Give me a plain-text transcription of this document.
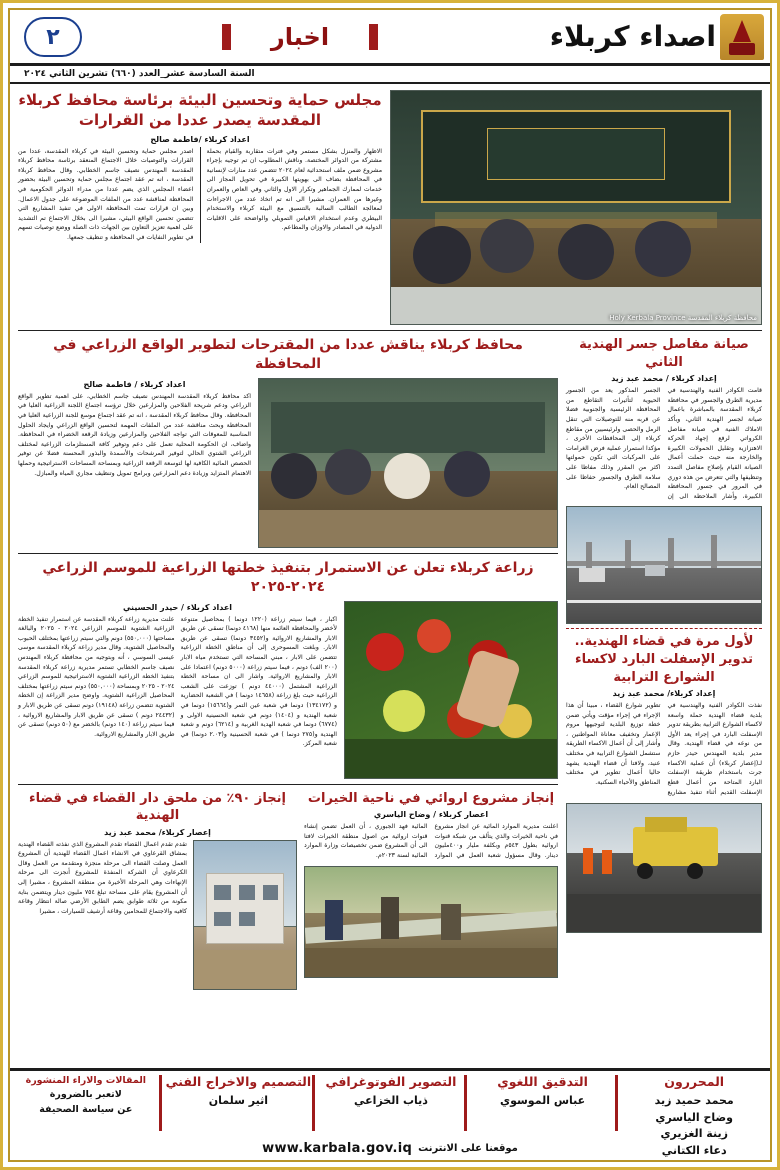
٢	اخبار	اصداء كربلاء
السنة السادسة عشر_العدد (٦٦٠) تشرين الثاني ٢٠٢٤
محافظة كربلاء المقدسة Holy Kerbala Province
مجلس حماية وتحسين البيئة برئاسة محافظ كربلاء المقدسة يصدر عددا من القرارات
اعداد كربلاء /فاطمة صالح
الاظهار والمنزل بشكل مستمر وفي فترات متقاربة والقيام بحملة مشتركة من الدوائر المختصة. وناقش المطلوب ان تم توجيه بإجراء مشروع ضمن ملف استحداثية لعام ٢٠٢٤ تتضمن عدد منارات لإنسانية في المحافظة بضاف الى بهويتها الكبيرة في تحويل المجاز الى خدمات لممارك الجماهير وتكرار الاول والثاني وفي العاص والعمران وغيرها من العمران. مشيرا الى انه تم اتخاذ عدد من الاجراءات لمعالجة الطالب السالبة بالتنسيق مع البيئة كربلاء والاستخدام البيطري وعدم استخدام الاقياس التمويلي والواضحة على الاقليات الدولية في المصادر والاوزان والمطاعم.
اصدر مجلس حماية وتحسين البيئة في كربلاء المقدسة، عددا من القرارات والتوصيات خلال الاجتماع المنعقد برئاسة محافظ كربلاء المقدسة المهندس نصيف جاسم الخطابي. وقال محافظ كربلاء المقدسة ، انه تم عقد اجتماع مجلس حماية وتحسين البيئة بحضور اعضاء المجلس الذي يضم عددا من مدراء الدوائر الحكومية في المحافظة لمناقشة عدد من الملفات الموضوعة على جدول الاعمال. وبين ان قرارات تمت المحافظة الاولى في تنفيذ المشاريع التي تتضمن تحسين الواقع البيئي، مشيرا الى بخلال الاجتماع تم التشديد على اهمية تعزيز التعاون بين الجهات ذات الصلة ووضع توصيات تسهم في تطوير النفايات في المحافظة و تنظيف جمعها.
صيانة مفاصل جسر الهندية الثاني
إعداد كربلاء / محمد عبد زيد
قامت الكوادر الفنية والهندسية في مديرية الطرق والجسور في محافظة كربلاء المقدسة بالمباشرة باعمال صيانة لجسر الهندية الثاني، وبأكد الاملاك الفنية في صيانة مفاصل الكرواتي لرفع إجهاد الحركة الاهتزازية وتقليل الحمولات الكبيرة والخارجة منه حيث حملت أعمال الصيانة القيام بإصلاح مفاصل التمدد وتنظيفها والتي تتعرض من هذه دوري في المرور في جسور المحافظة الكبيرة، وأشار الملاحظة الى إن الجسر المذكور يعد من الجسور الحيوية لتأثيرات التقاطع من المحافظة الرئيسية والجنوبية فضلا عن قربه منه للتوصيلات التي تنقل الرمل والحصى ولرئيسيين من مقاطع كربلاء إلى المحافظات الأخرى ، مؤكدا استمرار عملية فرض الغرامات على المركبات التي تكون حمولتها اكثر من المقرر وذلك مفاظا على سلامة الطرق والجسور حفاظا على المصالح العام.
لأول مرة في قضاء الهندية.. تدوير الإسفلت البارد لاكساء الشوارع الترابية
إعداد كربلاء/ محمد عبد زيد
نفذت الكوادر الفنية والهندسية في بلدية قضاء الهندية حملة واسعة لاكساء الشوارع الترابية بطريقة تدوير الإسفلت البارد في إجراء يعد الأول من نوعه في قضاء الهندية. وقال مدير بلدية المهندس حيدر حازم لـ(إعصار كربلاء) أن عملية الاكساء جرت باستخدام طريقة الإسفلت البارد المتاحة من أعمال قطع الإسفلت القديم أثناء تنفيذ مشاريع تطوير شوارع القضاء ، مبينا أن هذا الإجراء في إجراء مؤقت ويأتي ضمن خطة توزيع البلدية لتوجيهها مروم الإعمار وتخفيف معاناة المواطنين ، وأشار إلى أن أعمال الاكساء الطريقة ستشمل الشوارع الترابية في مختلف عنيد، ولافتا أن قضاء الهندية يشهد حاليا أعمال تطوير في مختلف المناطق والأحياء السكنية.
محافظ كربلاء يناقش عددا من المقترحات لتطوير الواقع الزراعي في المحافظة
اعداد كربلاء / فاطمة صالح
اكد محافظ كربلاء المقدسة المهندس نصيف جاسم الخطابي، على اهمية تطوير الواقع الزراعي ودعم شريحة الفلاحين والمزارعين خلال ترؤسه اجتماع اللجنة الزراعية العليا في المحافظة. وقال محافظ كربلاء المقدسة ، انه تم عقد اجتماع موسع للجنة الزراعية العليا في المحافظة وبحث مناقشة عدد من الملفات المهمة لتحسين الواقع الزراعي وايجاد الحلول المناسبة للمعوقات التي تواجه الفلاحين والمزارعين وزيادة الرقعة الخضراء في المحافظة. واضاف، ان الحكومة المحلية تعمل على دعم وتوفير كافة المستلزمات الزراعية لمختلف الزراعي الشتوي الحالي لتوفير المرشحات والأسمدة والبذور المحسنة فضلا عن توفير الحصص المائية الكافية لها لتوسعة الرقعة الزراعية وبمساحة المساحات الاستراتيجية وحملها الاهتمام المتزايد وزيادة دعم المزارعين وبرامج تمويل وتنظيف مجاري المياه والمبازل.
زراعة كربلاء تعلن عن الاستمرار بتنفيذ خطتها الزراعية للموسم الزراعي ٢٠٢٤-٢٠٢٥
اعداد كربلاء / حيدر الحسيني
اكبار ، قيما سيتم زراعة (١٢٢٠ دونما ) بمحاصيل متنوعة لأخضر والمحافظة العائمة منها (٤١٦٨ دونما) تسقى عن طريق الابار والمشاريع الاروائية و(٣٤٥٢ دونما) تسقى عن طريق الابار. وبلغت المسوحرى إلى أن مناطق الخطة الزراعية تتضمن على الابار ، مبني المساحة التي تستخدم مياه الابار (٢٠٠ الف) دونم ، فيما سيتم زراعة (٥٠٠٠ دونم) اعتمادا على الابار والمشاريع الاروائية. واشار الى ان مساحة الخطة الزراعية المشتمل (٤٤٠٠٠ دونم ) توزعت على الشعب الزراعية حيث بلغ زراعة (١٤٦٥٨ دونما ) في الشعبة الحضارية و (١٣٤١٧٢) دونما في شعبة عين التمر و(١٥٦٦٤) دونما في شعبة الهندية و (١٤٠٤) دونم في شعبة الحسينية الاولى و (٦٧٧٤) دونما في شعبة الهدية الغربية و (٦٢١٤) دونم و شعبة الهندية و(٢٧٥ دونما ) في شعبة الحسينية و(٢.٠٣ دونما) في شعبة المركز.
علنت مديرية زراعة كربلاء المقدسة عن استمرار تنفيذ الخطة الزراعية الشتوية للموسم الزراعي ٢٠٢٤ - ٢٠٢٥ والبالغة مساحتها (٥٥٠,٠٠٠) دونم والتي سيتم زراعتها بمختلف الحبوب والمحاصيل الشتوية. وقال مدير زراعة كربلاء المقدسة موسى عيسى السوسي ، أنه وبتوجيه من محافظة كربلاء المهندس نصيف جاسم الخطابي تستمر مديرية زراعة كربلاء المقدسة بتنفيذ الخطة الزراعية الشتوية الاستراتيجية للموسم الزراعي ٢٠٢٤ - ٢٠٢٥ وبمساحة (٥٥٠,٠٠٠) دونم سيتم زراعتها بمختلف المحاصيل الزراعية الشتوية. واوضح مدير الزراعة إن الخطة الشتوية تتضمن زراعة (١٩١٤٨) دونم تسقى عن طريق الابار و (٢٤٤٣٢ دونم ) تسقى عن طريق الابار والمشاريع الاروائية ، فيما سيتم زراعة (١٤٠ دونم) بالخضر مع (٥٠ دونم) تسقى عن طريق الابار والمشاريع الاروائية.
إنجاز مشروع اروائي في ناحية الخيرات
اعصار كربلاء / وضاح الياسري
اعلنت مديرية الموارد المائية عن انجاز مشروع في ناحية الخيرات والذي يتألف من شبكة قنوات اروائية بطول ٥٤٣م وبكلفة مليار و٤٠٠مليون دينار. وقال مسؤول شعبة العمل في الموارد المائية فهد الجبوري ، أن العمل تضمن إنشاء قنوات اروائية من اصول منطقة الخيرات لافتا الى أن المشروع ضمن تخصيصات وزارة الموارد المائية لسنة ٢٠٢٣م.
إنجاز ٩٠٪ من ملحق دار القضاء في قضاء الهندية
إعصار كربلاء/ محمد عبد زيد
تقدم تقدم اعمال القضاء تقدم المشروع الذي نفذته القضاء الهندية بمشاق القرعاوي في الانشاء اعمال القضاء للهندية أن المشروع العمل وصلت القضاء الى مرحلة منجزة ومتقدمة من العمل وقال الكرعاوي أن الشركة المنفذة للمشروع أنجزت الى مرحلة الإنهاءات وهي المرحلة الأخيرة من منطقة المشروع ، مشيرا إلى أن المشروع يقام على مساحة تبلغ ٧٥٤ مليون دينار ويتضمن بناية مكونة من ثلاثة طوابق يضم الطابق الأرضي صالة انتظار وقاعة كافيه والاجتماع للمحامين وقاعة أرشيف للسيارات ، مشيرا
المحررون
محمد حميد زيد
وضاح الياسري
زينة الغزيري
دعاء الكتاني
التدقيق اللغوي
عباس الموسوي
التصوير الفوتوغرافي
ذياب الخزاعي
التصميم والاخراج الفني
اثير سلمان
المقالات والاراء المنشورة
لاتعبر بالضرورة
عن سياسة الصحيفة
موقعنا على الانترنت
www.karbala.gov.iq
